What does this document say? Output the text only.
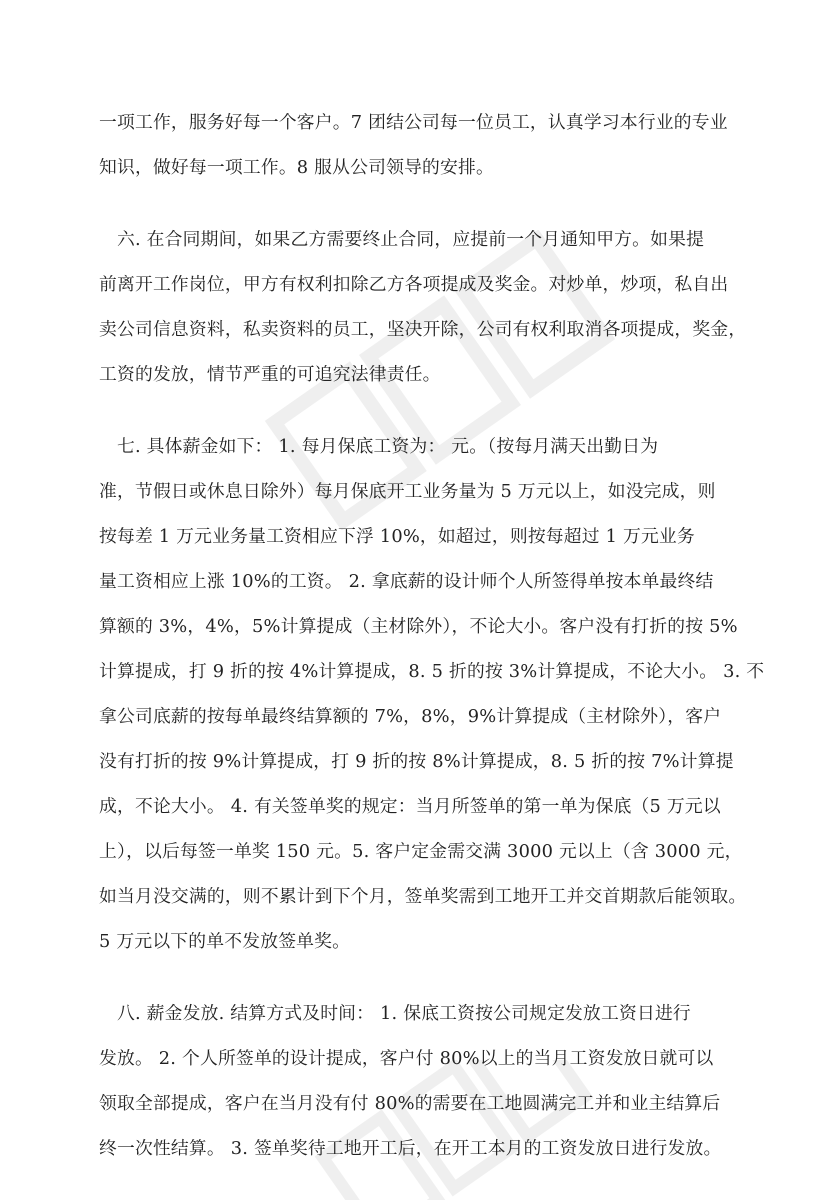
一项工作，服务好每一个客户。7 团结公司每一位员工，认真学习本行业的专业
知识，做好每一项工作。8 服从公司领导的安排。
　六. 在合同期间，如果乙方需要终止合同，应提前一个月通知甲方。如果提
前离开工作岗位，甲方有权利扣除乙方各项提成及奖金。对炒单，炒项，私自出
卖公司信息资料，私卖资料的员工，坚决开除，公司有权利取消各项提成，奖金，
工资的发放，情节严重的可追究法律责任。
　七. 具体薪金如下： 1. 每月保底工资为： 元。（按每月满天出勤日为
准，节假日或休息日除外）每月保底开工业务量为 5 万元以上，如没完成，则
按每差 1 万元业务量工资相应下浮 10%，如超过，则按每超过 1 万元业务
量工资相应上涨 10%的工资。 2. 拿底薪的设计师个人所签得单按本单最终结
算额的 3%，4%，5%计算提成（主材除外），不论大小。客户没有打折的按 5%
计算提成，打 9 折的按 4%计算提成，8. 5 折的按 3%计算提成，不论大小。 3. 不
拿公司底薪的按每单最终结算额的 7%，8%，9%计算提成（主材除外），客户
没有打折的按 9%计算提成，打 9 折的按 8%计算提成，8. 5 折的按 7%计算提
成，不论大小。 4. 有关签单奖的规定：当月所签单的第一单为保底（5 万元以
上），以后每签一单奖 150 元。5. 客户定金需交满 3000 元以上（含 3000 元，
如当月没交满的，则不累计到下个月，签单奖需到工地开工并交首期款后能领取。
5 万元以下的单不发放签单奖。
　八. 薪金发放. 结算方式及时间： 1. 保底工资按公司规定发放工资日进行
发放。 2. 个人所签单的设计提成，客户付 80%以上的当月工资发放日就可以
领取全部提成，客户在当月没有付 80%的需要在工地圆满完工并和业主结算后
终一次性结算。 3. 签单奖待工地开工后，在开工本月的工资发放日进行发放。
